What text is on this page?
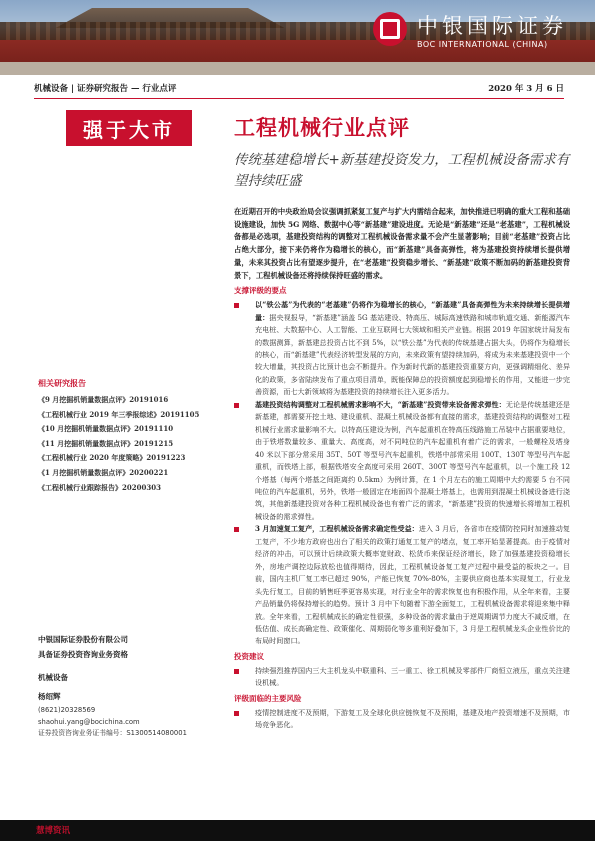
中银国际证券
BOC INTERNATIONAL (CHINA)
机械设备 | 证券研究报告 — 行业点评	2020 年 3 月 6 日
强于大市	工程机械行业点评
传统基建稳增长+新基建投资发力，工程机械设备需求有望持续旺盛
相关研究报告
《9 月挖掘机销量数据点评》20191016
《工程机械行业 2019 年三季报综述》20191105
《10 月挖掘机销量数据点评》20191110
《11 月挖掘机销量数据点评》20191215
《工程机械行业 2020 年度策略》20191223
《1 月挖掘机销量数据点评》20200221
《工程机械行业跟踪报告》20200303
中银国际证券股份有限公司
具备证券投资咨询业务资格
机械设备
杨绍辉
(8621)20328569
shaohui.yang@bocichina.com
证券投资咨询业务证书编号：S1300514080001

在近期召开的中央政治局会议强调抓紧复工复产与扩大内需结合起来，加快推进已明确的重大工程和基础设施建设，加快 5G 网络、数据中心等“新基建”建设进度。无论是“新基建”还是“老基建”，工程机械设备都是必选项，基建投资结构的调整对工程机械设备需求量不会产生显著影响；目前“老基建”投资占比占绝大部分，接下来仍将作为稳增长的核心，而“新基建”具备高弹性，将为基建投资持续增长提供增量，未来其投资占比有望逐步提升，在“老基建”投资稳步增长、“新基建”政策不断加码的新基建投资背景下，工程机械设备还将持续保持旺盛的需求。

支撑评级的要点
以“铁公基”为代表的“老基建”仍将作为稳增长的核心，“新基建”具备高弹性为未来持续增长提供增量：据央视报导，“新基建”涵盖 5G 基站建设、特高压、城际高速铁路和城市轨道交通、新能源汽车充电桩、大数据中心、人工智能、工业互联网七大领域和相关产业链。根据 2019 年国家统计局发布的数据测算，新基建总投资占比不到 5%，以“铁公基”为代表的传统基建占据大头，仍将作为稳增长的核心，而“新基建”代表经济转型发展的方向，未来政策有望持续加码，将成为未来基建投资中一个较大增量，其投资占比预计也会不断提升。作为新时代新的基建投资重要方向，更强调精细化、差异化的政策，多省陆续发布了重点项目清单，既能保障总的投资额度起到稳增长的作用，又能进一步完善资源，而七大新领域将为基建投资的持续增长注入更多活力。
基建投资结构调整对工程机械需求影响不大，“新基建”投资带来设备需求弹性：无论是传统基建还是新基建，都需要开挖土地、建设重机、混凝土机械设备都有直接的需求，基建投资结构的调整对工程机械行业需求量影响不大。以特高压建设为例，汽车起重机在特高压线路施工吊装中占据重要地位，由于铁塔数量较多、重量大、高度高，对不同吨位的汽车起重机有着广泛的需求，一般螺栓及塔身 40 米以下部分常采用 35T、50T 等型号汽车起重机，铁塔中部常采用 100T、130T 等型号汽车起重机，而铁塔上部，根据铁塔安全高度可采用 260T、300T 等型号汽车起重机，以一个施工段 12 个塔基（每两个塔基之间距离约 0.5km）为例计算，在 1 个月左右的施工周期中大约需要 5 台不同吨位的汽车起重机，另外，铁塔一般固定在地面四个混凝土塔基上，也需用到混凝土机械设备进行浇筑，其他新基建投资对各种工程机械设备也有着广泛的需求，“新基建”投资的快速增长将增加工程机械设备的需求弹性。
3 月加速复工复产，工程机械设备需求确定性受益：进入 3 月后，各省市在疫情防控同时加速推动复工复产，不少地方政府也出台了相关的政策打通复工复产的堵点，复工率开始显著提高。由于疫情对经济的冲击，可以预计后续政策大概率宽财政、松货币来保证经济增长，除了加强基建投资稳增长外，房地产调控边际放松也值得期待，因此，工程机械设备复工复产过程中最受益的板块之一。目前，国内主机厂复工率已超过 90%，产能已恢复 70%-80%，主要供应商也基本实现复工，行业龙头先行复工，目前的销售旺季更容易实现，对行业全年的需求恢复也有积极作用，从全年来看，主要产品销量仍将保持增长的趋势。预计 3 月中下旬随着下游全面复工，工程机械设备需求将迎来集中释放。全年来看，工程机械成长的确定性很强，多种设备的需求量由于逆周期调节力度大不减反增，在低估值、成长高确定性、政策催化、周期弱化等多重利好叠加下，3 月是工程机械龙头企业性价比的布局时间窗口。
投资建议
持续强烈推荐国内三大主机龙头中联重科、三一重工、徐工机械及零部件厂商恒立液压，重点关注建设机械。
评级面临的主要风险
疫情控制进度不及预期，下游复工及全球化供应链恢复不及预期，基建及地产投资增速不及预期，市场竞争恶化。
慧博资讯
